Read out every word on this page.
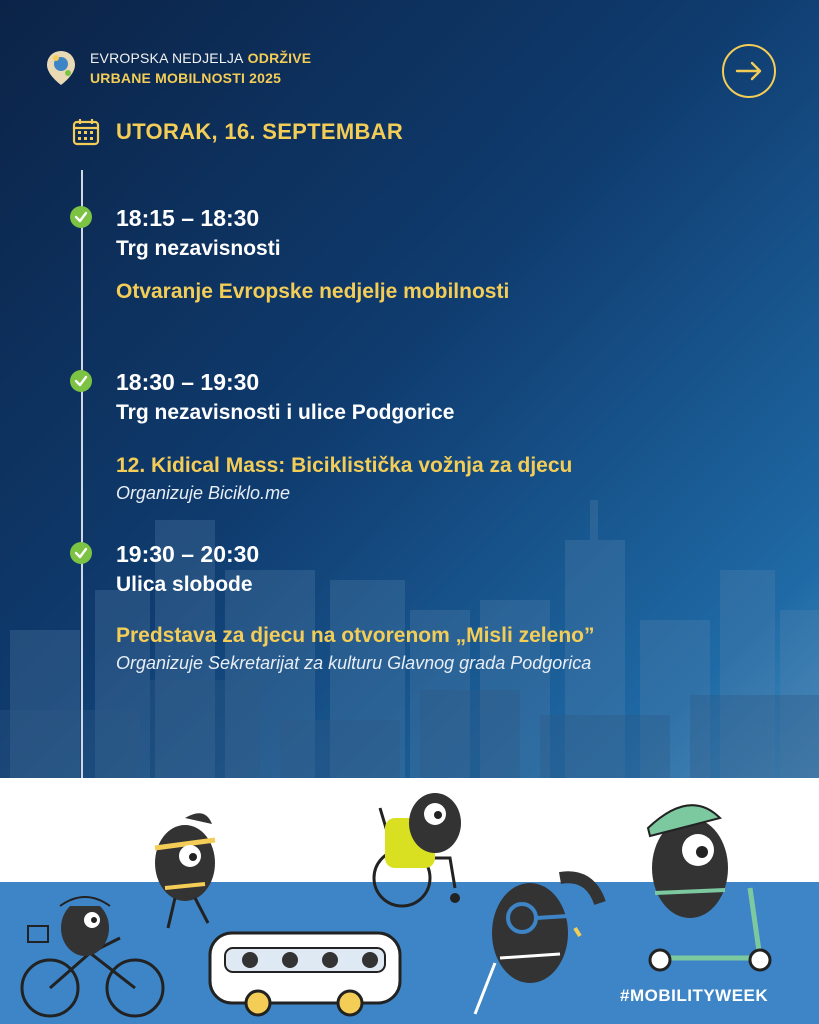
EVROPSKA NEDJELJA ODRŽIVE
URBANE MOBILNOSTI 2025
UTORAK, 16. SEPTEMBAR
18:15 – 18:30
Trg nezavisnosti
Otvaranje Evropske nedjelje mobilnosti
18:30 – 19:30
Trg nezavisnosti i ulice Podgorice
12. Kidical Mass: Biciklistička vožnja za djecu
Organizuje Biciklo.me
19:30 – 20:30
Ulica slobode
Predstava za djecu na otvorenom „Misli zeleno”
Organizuje Sekretarijat za kulturu Glavnog grada Podgorica
#MOBILITYWEEK
